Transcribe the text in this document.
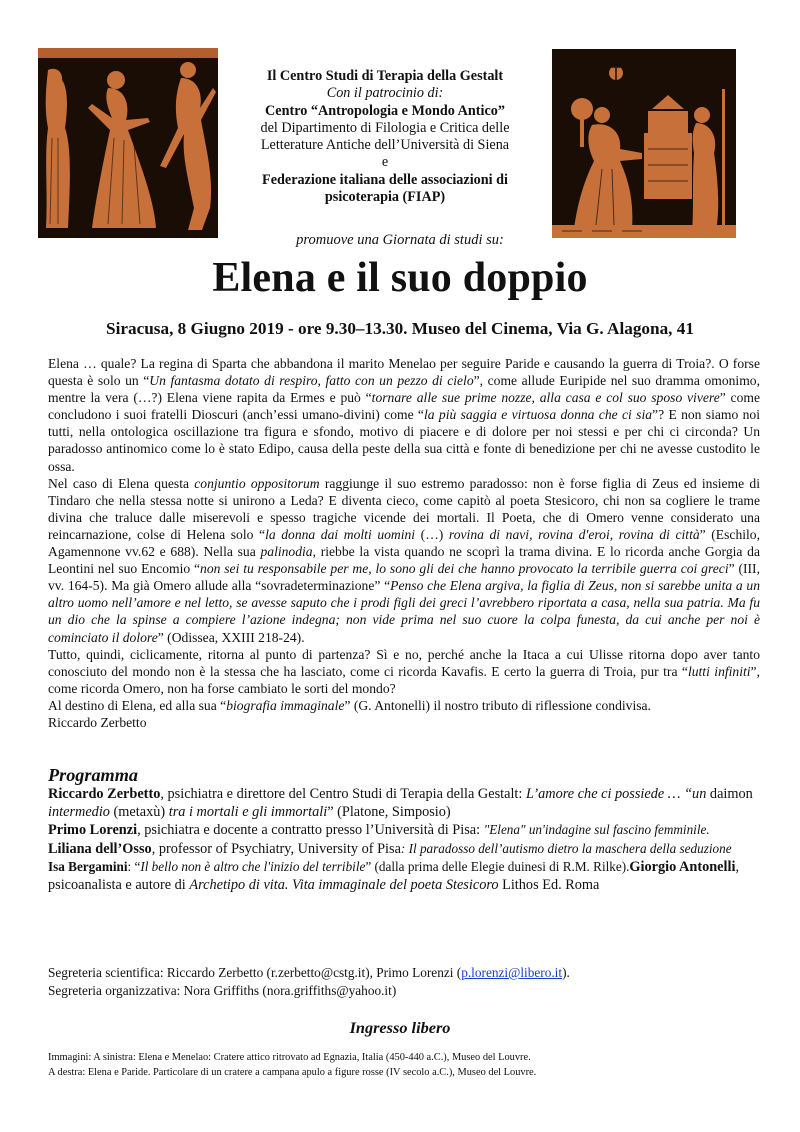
Il Centro Studi di Terapia della Gestalt
Con il patrocinio di:
Centro “Antropologia e Mondo Antico”
del Dipartimento di Filologia e Critica delle
Letterature Antiche dell’Università di Siena
e
Federazione italiana delle associazioni di
psicoterapia (FIAP)
promuove una Giornata di studi su:
Elena e il suo doppio
Siracusa, 8 Giugno 2019 - ore 9.30–13.30. Museo del Cinema, Via G. Alagona, 41

Elena … quale? La regina di Sparta che abbandona il marito Menelao per seguire Paride e causando la guerra di Troia?. O forse questa è solo un “Un fantasma dotato di respiro, fatto con un pezzo di cielo”, come allude Euripide nel suo dramma omonimo, mentre la vera (…?) Elena viene rapita da Ermes e può “tornare alle sue prime nozze, alla casa e col suo sposo vivere” come concludono i suoi fratelli Dioscuri (anch’essi umano-divini) come “la più saggia e virtuosa donna che ci sia”? E non siamo noi tutti, nella ontologica oscillazione tra figura e sfondo, motivo di piacere e di dolore per noi stessi e per chi ci circonda? Un paradosso antinomico come lo è stato Edipo, causa della peste della sua città e fonte di benedizione per chi ne avesse custodito le ossa.

Nel caso di Elena questa conjuntio oppositorum raggiunge il suo estremo paradosso: non è forse figlia di Zeus ed insieme di Tindaro che nella stessa notte si unirono a Leda? E diventa cieco, come capitò al poeta Stesicoro, chi non sa cogliere le trame divina che traluce dalle miserevoli e spesso tragiche vicende dei mortali. Il Poeta, che di Omero venne considerato una reincarnazione, colse di Helena solo “la donna dai molti uomini (…) rovina di navi, rovina d'eroi, rovina di città” (Eschilo, Agamennone vv.62 e 688). Nella sua palinodia, riebbe la vista quando ne scoprì la trama divina. E lo ricorda anche Gorgia da Leontini nel suo Encomio “non sei tu responsabile per me, lo sono gli dei che hanno provocato la terribile guerra coi greci” (III, vv. 164-5). Ma già Omero allude alla “sovradeterminazione” “Penso che Elena argiva, la figlia di Zeus, non si sarebbe unita a un altro uomo nell’amore e nel letto, se avesse saputo che i prodi figli dei greci l’avrebbero riportata a casa, nella sua patria. Ma fu un dio che la spinse a compiere l’azione indegna; non vide prima nel suo cuore la colpa funesta, da cui anche per noi è cominciato il dolore” (Odissea, XXIII 218-24).

Tutto, quindi, ciclicamente, ritorna al punto di partenza? Sì e no, perché anche la Itaca a cui Ulisse ritorna dopo aver tanto conosciuto del mondo non è la stessa che ha lasciato, come ci ricorda Kavafis. E certo la guerra di Troia, pur tra “lutti infiniti”, come ricorda Omero, non ha forse cambiato le sorti del mondo?

Al destino di Elena, ed alla sua “biografia immaginale” (G. Antonelli) il nostro tributo di riflessione condivisa.

Riccardo Zerbetto

Programma

Riccardo Zerbetto, psichiatra e direttore del Centro Studi di Terapia della Gestalt: L’amore che ci possiede … “un daimon intermedio (metaxù) tra i mortali e gli immortali” (Platone, Simposio)

Primo Lorenzi, psichiatra e docente a contratto presso l’Università di Pisa: "Elena" un'indagine sul fascino femminile.

Liliana dell’Osso, professor of Psychiatry, University of Pisa: Il paradosso dell’autismo dietro la maschera della seduzione

Isa Bergamini: “Il bello non è altro che l'inizio del terribile” (dalla prima delle Elegie duinesi di R.M. Rilke).Giorgio Antonelli, psicoanalista e autore di Archetipo di vita. Vita immaginale del poeta Stesicoro Lithos Ed. Roma

Segreteria scientifica: Riccardo Zerbetto (r.zerbetto@cstg.it), Primo Lorenzi (p.lorenzi@libero.it).
Segreteria organizzativa: Nora Griffiths (nora.griffiths@yahoo.it)
Ingresso libero
Immagini: A sinistra: Elena e Menelao: Cratere attico ritrovato ad Egnazia, Italia (450-440 a.C.), Museo del Louvre.
A destra: Elena e Paride. Particolare di un cratere a campana apulo a figure rosse (IV secolo a.C.), Museo del Louvre.
